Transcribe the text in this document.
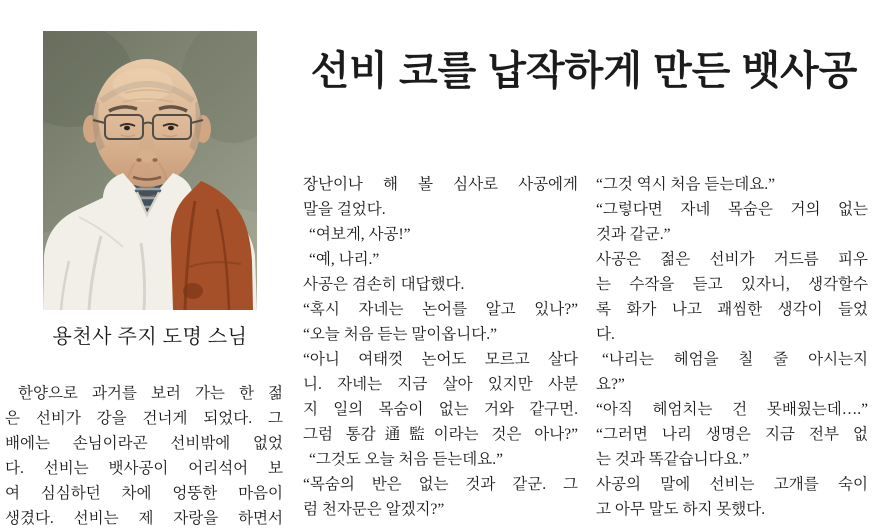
용천사 주지 도명 스님
선비 코를 납작하게 만든 뱃사공
한양으로 과거를 보러 가는 한 젊
은 선비가 강을 건너게 되었다. 그
배에는 손님이라곤 선비밖에 없었
다. 선비는 뱃사공이 어리석어 보
여 심심하던 차에 엉뚱한 마음이
생겼다. 선비는 제 자랑을 하면서
장난이나 해 볼 심사로 사공에게
말을 걸었다.
“여보게, 사공!”
“예, 나리.”
사공은 겸손히 대답했다.
“혹시 자네는 논어를 알고 있나?”
“오늘 처음 듣는 말이옵니다.”
“아니 여태껏 논어도 모르고 살다
니. 자네는 지금 살아 있지만 사분
지 일의 목숨이 없는 거와 같구먼.
그럼 통감通監이라는 것은 아나?”
“그것도 오늘 처음 듣는데요.”
“목숨의 반은 없는 것과 같군. 그
럼 천자문은 알겠지?”
“그것 역시 처음 듣는데요.”
“그렇다면 자네 목숨은 거의 없는
것과 같군.”
사공은 젊은 선비가 거드름 피우
는 수작을 듣고 있자니, 생각할수
록 화가 나고 괘씸한 생각이 들었
다.
“나리는 헤엄을 칠 줄 아시는지
요?”
“아직 헤엄치는 건 못배웠는데….”
“그러면 나리 생명은 지금 전부 없
는 것과 똑같습니다요.”
사공의 말에 선비는 고개를 숙이
고 아무 말도 하지 못했다.
